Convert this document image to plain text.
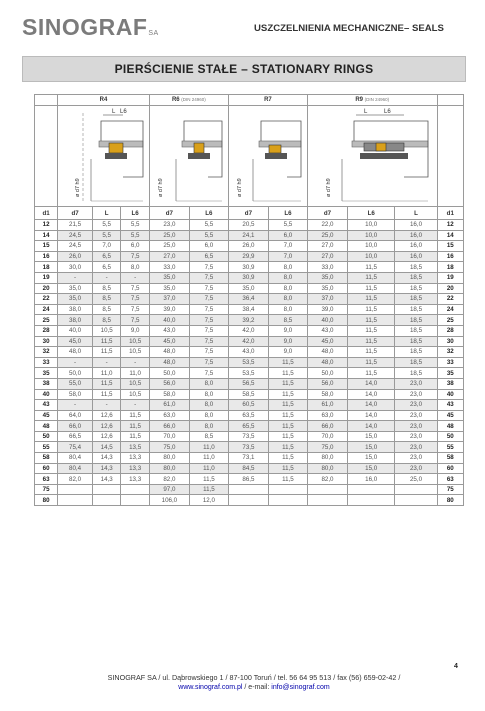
SINOGRAFSA	USZCZELNIENIA MECHANICZNE– SEALS
PIERŚCIENIE STAŁE – STATIONARY RINGS
	R4			R6 (DIN 24960)		R7		R9 (DIN 24960)			

L L6
ø d7 h9			ø d7 h9		ø d7 h9		L L6
ø d7 h9			

d1	d7	L	L6	d7	L6	d7	L6	d7	L6	L	d1
12	21,5	5,5	5,5	23,0	5,5	20,5	5,5	22,0	10,0	16,0	12
14	24,5	5,5	5,5	25,0	5,5	24,1	6,0	25,0	10,0	16,0	14
15	24,5	7,0	6,0	25,0	6,0	26,0	7,0	27,0	10,0	16,0	15
16	26,0	6,5	7,5	27,0	6,5	29,9	7,0	27,0	10,0	16,0	16
18	30,0	6,5	8,0	33,0	7,5	30,9	8,0	33,0	11,5	18,5	18
19	-	-	-	35,0	7,5	30,9	8,0	35,0	11,5	18,5	19
20	35,0	8,5	7,5	35,0	7,5	35,0	8,0	35,0	11,5	18,5	20
22	35,0	8,5	7,5	37,0	7,5	36,4	8,0	37,0	11,5	18,5	22
24	38,0	8,5	7,5	39,0	7,5	38,4	8,0	39,0	11,5	18,5	24
25	38,0	8,5	7,5	40,0	7,5	39,2	8,5	40,0	11,5	18,5	25
28	40,0	10,5	9,0	43,0	7,5	42,0	9,0	43,0	11,5	18,5	28
30	45,0	11,5	10,5	45,0	7,5	42,0	9,0	45,0	11,5	18,5	30
32	48,0	11,5	10,5	48,0	7,5	43,0	9,0	48,0	11,5	18,5	32
33	-	-	-	48,0	7,5	53,5	11,5	48,0	11,5	18,5	33
35	50,0	11,0	11,0	50,0	7,5	53,5	11,5	50,0	11,5	18,5	35
38	55,0	11,5	10,5	56,0	8,0	56,5	11,5	56,0	14,0	23,0	38
40	58,0	11,5	10,5	58,0	8,0	58,5	11,5	58,0	14,0	23,0	40
43	-	-	-	61,0	8,0	60,5	11,5	61,0	14,0	23,0	43
45	64,0	12,6	11,5	63,0	8,0	63,5	11,5	63,0	14,0	23,0	45
48	66,0	12,6	11,5	66,0	8,0	65,5	11,5	66,0	14,0	23,0	48
50	66,5	12,6	11,5	70,0	8,5	73,5	11,5	70,0	15,0	23,0	50
55	75,4	14,5	13,5	75,0	11,0	73,5	11,5	75,0	15,0	23,0	55
58	80,4	14,3	13,3	80,0	11,0	73,1	11,5	80,0	15,0	23,0	58
60	80,4	14,3	13,3	80,0	11,0	84,5	11,5	80,0	15,0	23,0	60
63	82,0	14,3	13,3	82,0	11,5	86,5	11,5	82,0	16,0	25,0	63
75				97,0	11,5						75
80				106,0	12,0						80
4
SINOGRAF SA / ul. Dąbrowskiego 1 / 87-100 Toruń / tel. 56 64 95 513 / fax (56) 659-02-42 /
www.sinograf.com.pl / e-mail: info@sinograf.com
